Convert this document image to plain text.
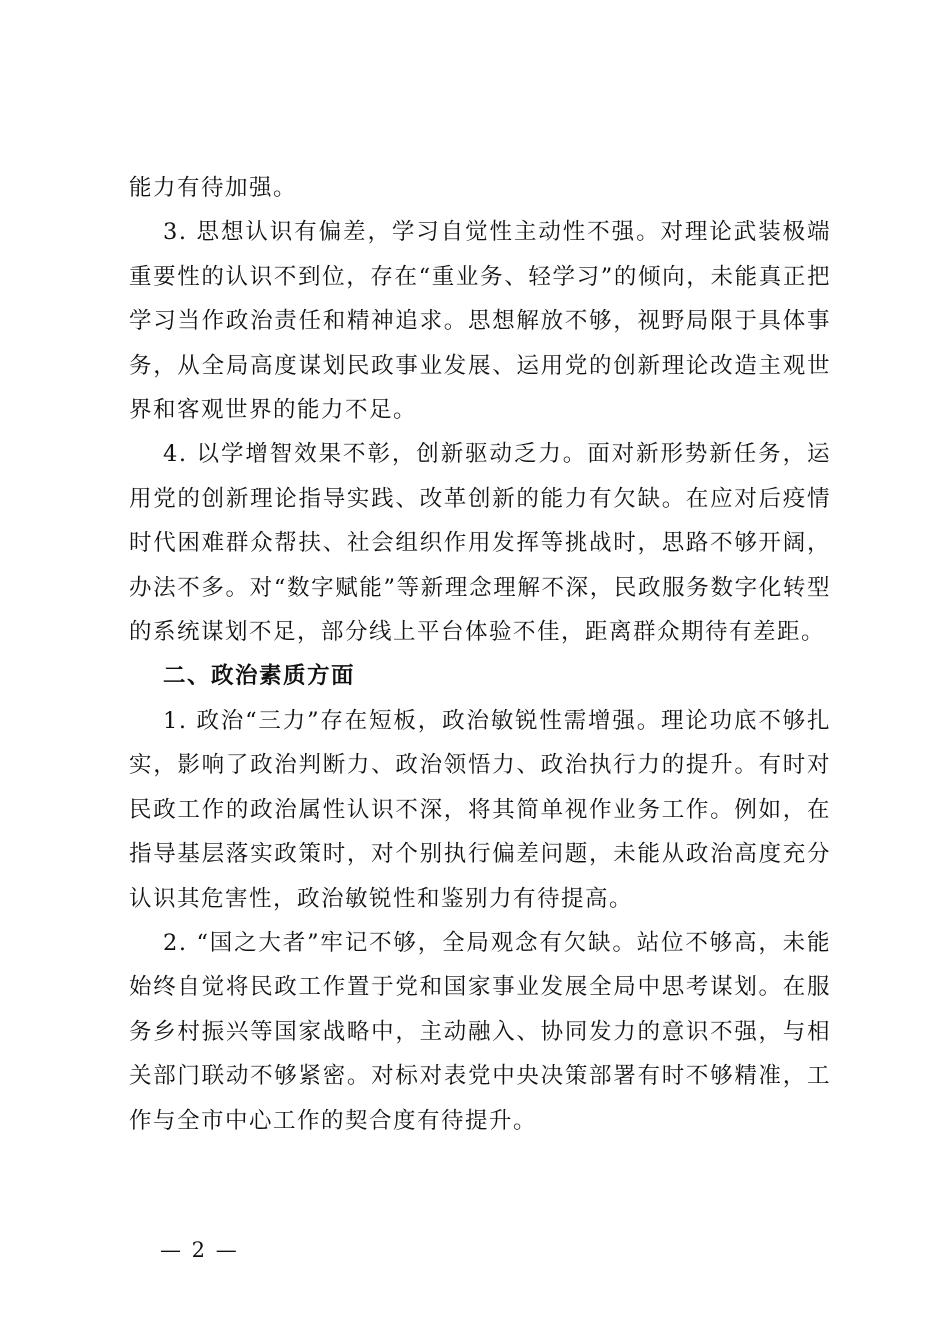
能力有待加强。

3. 思想认识有偏差，学习自觉性主动性不强。对理论武装极端重要性的认识不到位，存在“重业务、轻学习”的倾向，未能真正把学习当作政治责任和精神追求。思想解放不够，视野局限于具体事务，从全局高度谋划民政事业发展、运用党的创新理论改造主观世界和客观世界的能力不足。

4. 以学增智效果不彰，创新驱动乏力。面对新形势新任务，运用党的创新理论指导实践、改革创新的能力有欠缺。在应对后疫情时代困难群众帮扶、社会组织作用发挥等挑战时，思路不够开阔，办法不多。对“数字赋能”等新理念理解不深，民政服务数字化转型的系统谋划不足，部分线上平台体验不佳，距离群众期待有差距。

二、政治素质方面

1. 政治“三力”存在短板，政治敏锐性需增强。理论功底不够扎实，影响了政治判断力、政治领悟力、政治执行力的提升。有时对民政工作的政治属性认识不深，将其简单视作业务工作。例如，在指导基层落实政策时，对个别执行偏差问题，未能从政治高度充分认识其危害性，政治敏锐性和鉴别力有待提高。

2. “国之大者”牢记不够，全局观念有欠缺。站位不够高，未能始终自觉将民政工作置于党和国家事业发展全局中思考谋划。在服务乡村振兴等国家战略中，主动融入、协同发力的意识不强，与相关部门联动不够紧密。对标对表党中央决策部署有时不够精准，工作与全市中心工作的契合度有待提升。

— 2 —
